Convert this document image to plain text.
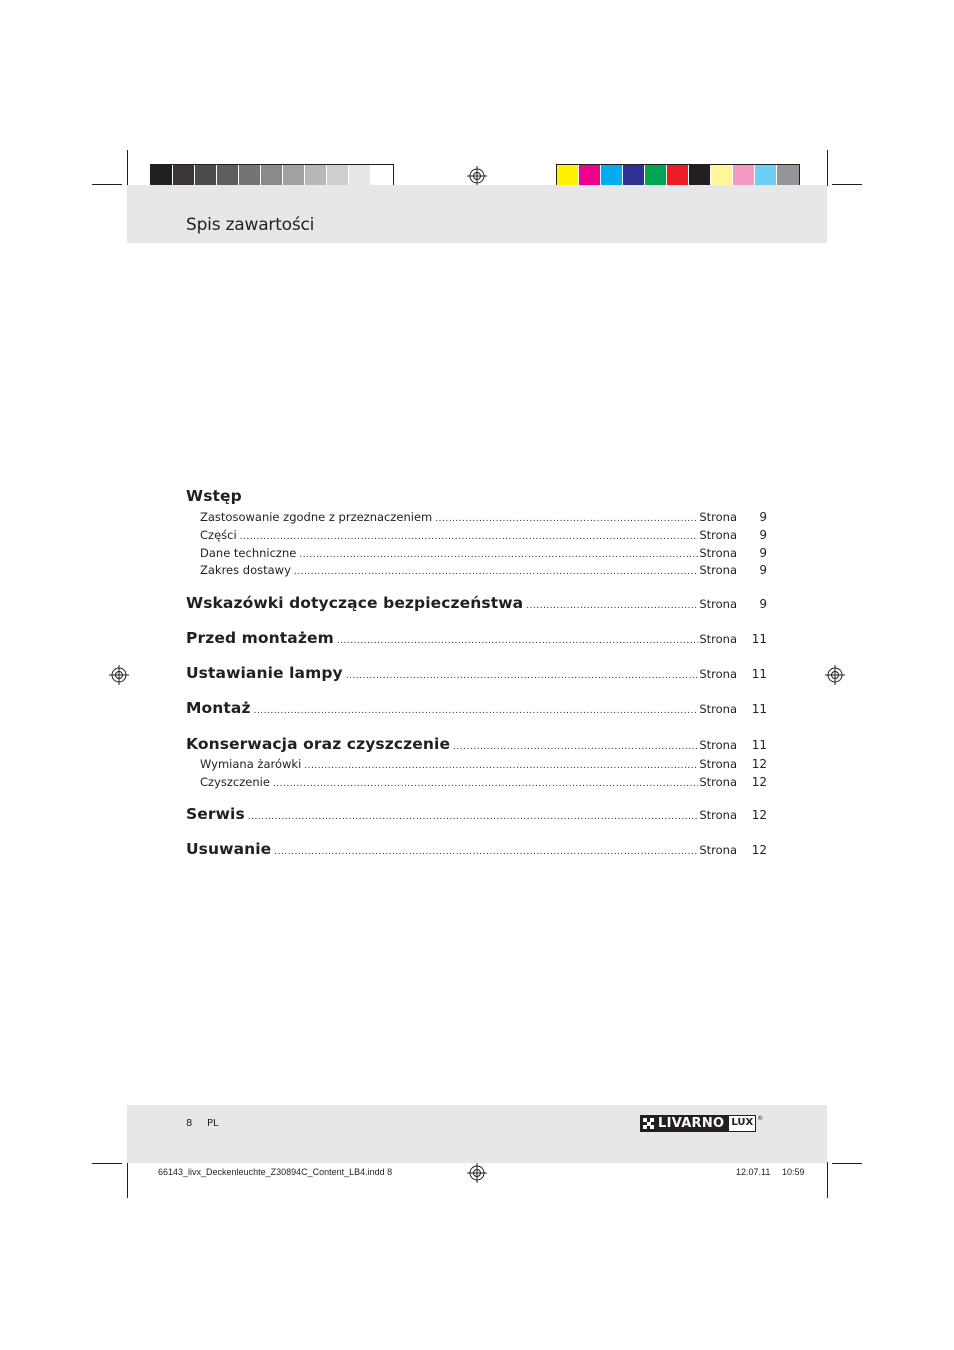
Spis zawartości
Wstęp
Zastosowanie zgodne z przeznaczeniem .....	Strona	9
Części .....	Strona	9
Dane techniczne .....	Strona	9
Zakres dostawy .....	Strona	9
Wskazówki dotyczące bezpieczeństwa .....	Strona	9
Przed montażem .....	Strona	11
Ustawianie lampy .....	Strona	11
Montaż .....	Strona	11
Konserwacja oraz czyszczenie .....	Strona	11
Wymiana żarówki .....	Strona	12
Czyszczenie .....	Strona	12
Serwis .....	Strona	12
Usuwanie .....	Strona	12
8 PL	LIVARNO LUX ®
66143_livx_Deckenleuchte_Z30894C_Content_LB4.indd 8	12.07.11 10:59
